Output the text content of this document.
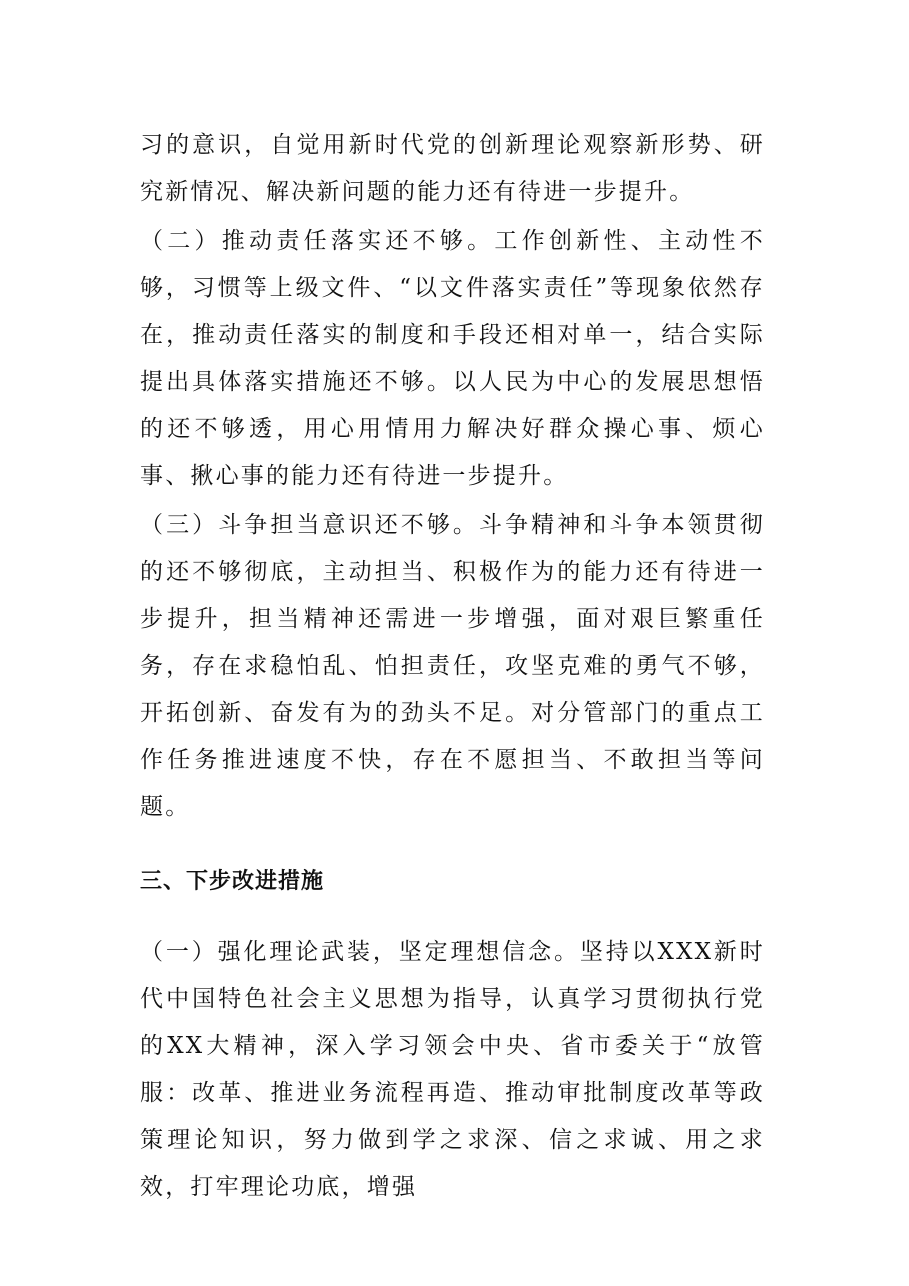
习的意识，自觉用新时代党的创新理论观察新形势、研究新情况、解决新问题的能力还有待进一步提升。

（二）推动责任落实还不够。工作创新性、主动性不够，习惯等上级文件、“以文件落实责任”等现象依然存在，推动责任落实的制度和手段还相对单一，结合实际提出具体落实措施还不够。以人民为中心的发展思想悟的还不够透，用心用情用力解决好群众操心事、烦心事、揪心事的能力还有待进一步提升。

（三）斗争担当意识还不够。斗争精神和斗争本领贯彻的还不够彻底，主动担当、积极作为的能力还有待进一步提升，担当精神还需进一步增强，面对艰巨繁重任务，存在求稳怕乱、怕担责任，攻坚克难的勇气不够，开拓创新、奋发有为的劲头不足。对分管部门的重点工作任务推进速度不快，存在不愿担当、不敢担当等问题。

三、下步改进措施

（一）强化理论武装，坚定理想信念。坚持以XXX新时代中国特色社会主义思想为指导，认真学习贯彻执行党的XX大精神，深入学习领会中央、省市委关于“放管服：改革、推进业务流程再造、推动审批制度改革等政策理论知识，努力做到学之求深、信之求诚、用之求效，打牢理论功底，增强
